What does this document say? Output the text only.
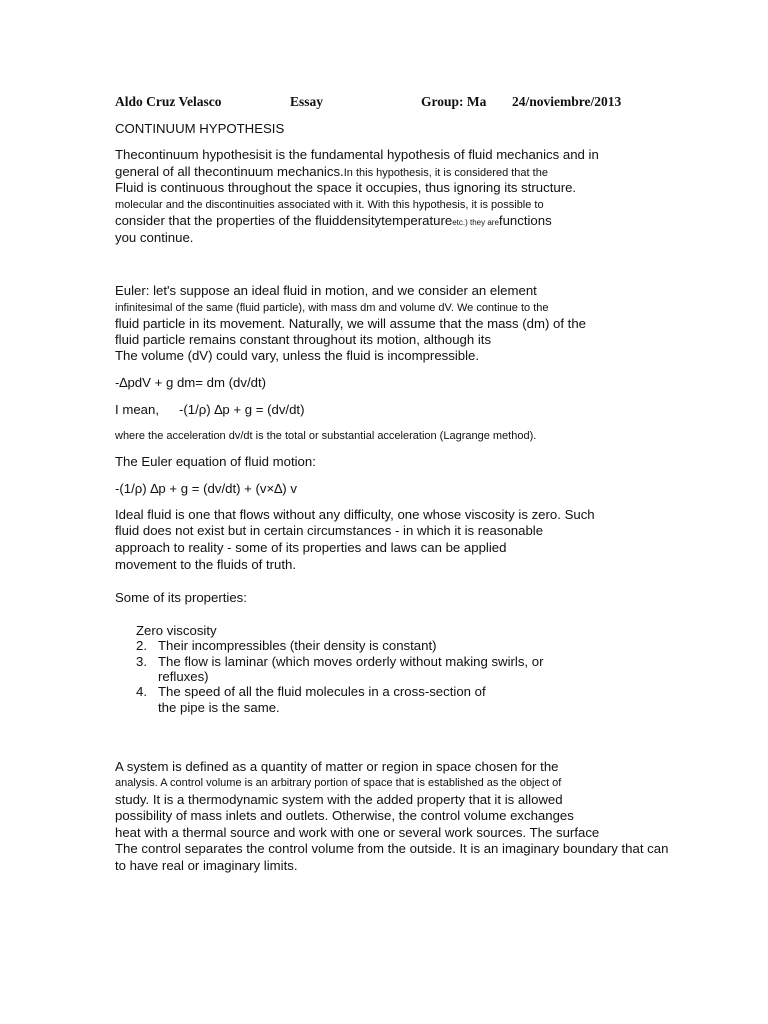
Aldo Cruz Velasco	Essay	Group: Ma 24/noviembre/2013
CONTINUUM HYPOTHESIS
Thecontinuum hypothesisit is the fundamental hypothesis of fluid mechanics and in
general of all thecontinuum mechanics.In this hypothesis, it is considered that the
Fluid is continuous throughout the space it occupies, thus ignoring its structure.
molecular and the discontinuities associated with it. With this hypothesis, it is possible to
consider that the properties of the fluiddensitytemperatureetc.) they arefunctions
you continue.
Euler: let's suppose an ideal fluid in motion, and we consider an element
infinitesimal of the same (fluid particle), with mass dm and volume dV. We continue to the
fluid particle in its movement. Naturally, we will assume that the mass (dm) of the
fluid particle remains constant throughout its motion, although its
The volume (dV) could vary, unless the fluid is incompressible.
-∆pdV + g dm= dm (dv/dt)
I mean, -(1/ρ) ∆p + g = (dv/dt)
where the acceleration dv/dt is the total or substantial acceleration (Lagrange method).
The Euler equation of fluid motion:
-(1/ρ) ∆p + g = (dv/dt) + (v×∆) v
Ideal fluid is one that flows without any difficulty, one whose viscosity is zero. Such
fluid does not exist but in certain circumstances - in which it is reasonable
approach to reality - some of its properties and laws can be applied
movement to the fluids of truth.
Some of its properties:
Zero viscosity
2. Their incompressibles (their density is constant)
3. The flow is laminar (which moves orderly without making swirls, or
refluxes)
4. The speed of all the fluid molecules in a cross-section of
the pipe is the same.
A system is defined as a quantity of matter or region in space chosen for the
analysis. A control volume is an arbitrary portion of space that is established as the object of
study. It is a thermodynamic system with the added property that it is allowed
possibility of mass inlets and outlets. Otherwise, the control volume exchanges
heat with a thermal source and work with one or several work sources. The surface
The control separates the control volume from the outside. It is an imaginary boundary that can
to have real or imaginary limits.
